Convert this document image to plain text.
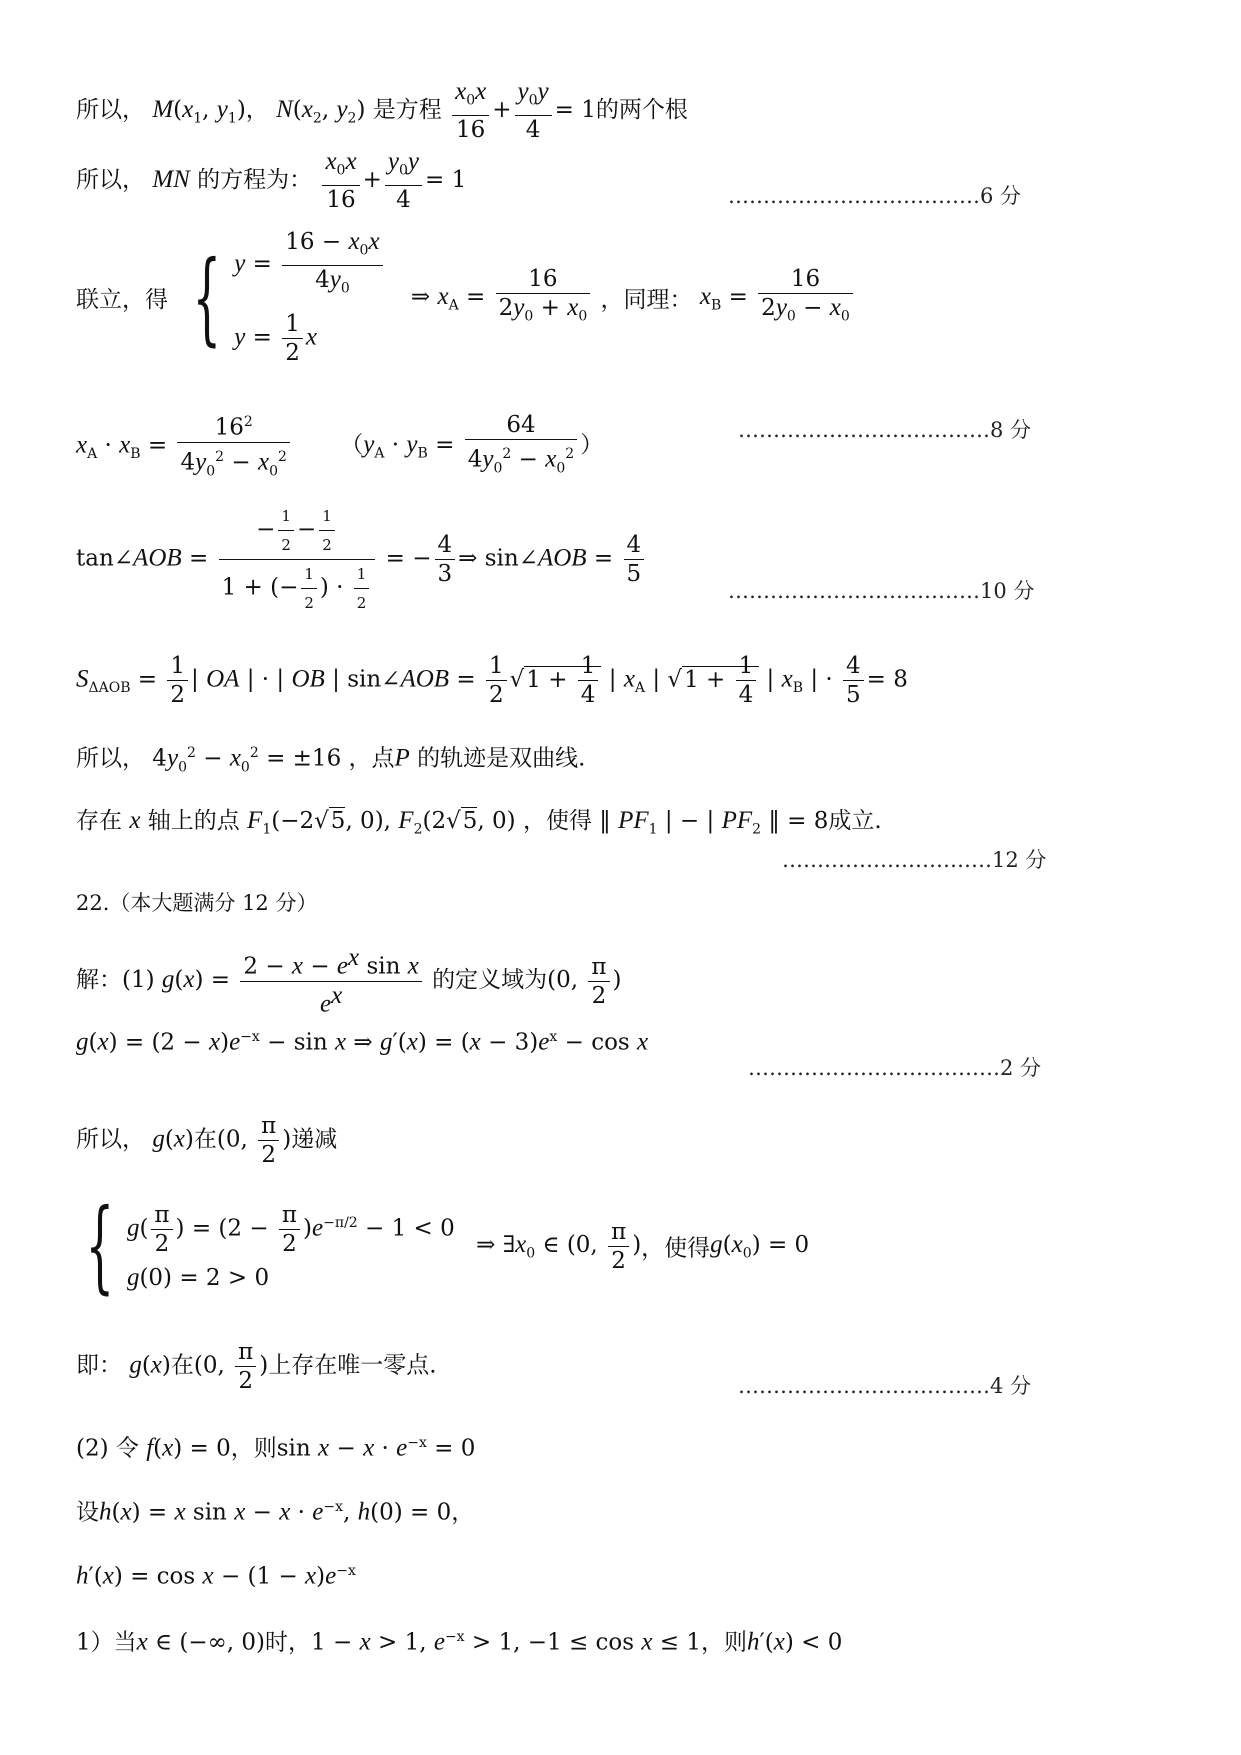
所以， $M(x_1$, $y_1$)， $N(x_2$, $y_2$) 是方程 $\frac{x_0x}{16} + \frac{y_0y}{4} = 1$的两个根
所以， MN 的方程为： $\frac{x_0x}{16} + \frac{y_0y}{4} = 1$
………………………………6 分
联立，得 { $y = \frac{16 - x_0x}{4y_0}$
$y = \frac{1}{2}$ x
⇒ $x_A = \frac{16}{2y_0 + x_0}$ ，同理： $x_B = \frac{16}{2y_0 - x_0}$
$x_A \cdot x_B = \frac{16^2}{4y_0^2 - x_0^2} (y_A \cdot y_B = \frac{64}{4y_0^2 - x_0^2}$ ）
………………………………8 分
tan∠AOB = $\frac{- \frac{1}{2} - \frac{1}{2}}{1 + (- \frac{1}{2} ) \cdot \frac{1}{2}}$ = − $\frac{4}{3}$ ⇒ sin∠AOB = $\frac{4}{5}$
………………………………10 分
$S_{\Delta AOB} = \frac{1}{2}$ | OA | · | OB | sin∠AOB = $\frac{1}{2} √1 + \frac{1}{4}$ | $x_A$ | $√1 + \frac{1}{4}$ | $x_B$ | · $\frac{4}{5} = 8$
所以， $4y_0^2 - x_0^2 = \pm 16$ ，点P 的轨迹是双曲线.
存在 x 轴上的点 $F_1(-2√5$, 0), $F_2(2√5$, 0) ，使得 ‖ $PF_1$ | − | $PF_2$ ‖ = 8成立.
…………………………12 分
22.（本大题满分 12 分）
解：(1) $g(x) = \frac{2 - x - e^x \sin x}{e^x}$ 的定义域为(0, $\frac{\pi}{2}$ )
$g(x) = (2 - x)e^{-x} - \sin x$ ⇒ $g'(x) = (x - 3)e^x - \cos x$
………………………………2 分
所以， g(x)在(0, $\frac{\pi}{2}$ )递减
{ $g( \frac{\pi}{2}$ ) = $(2 - \frac{\pi}{2} )e^{-\pi/2} - 1 < 0$
g(0) = 2 > 0
⇒ $\exists x_0$ ∈ (0, $\frac{\pi}{2}$ )，使得$g(x_0) = 0$
即： g(x)在(0, $\frac{\pi}{2}$ )上存在唯一零点.
………………………………4 分
(2) 令 f(x) = 0，则$\sin x - x \cdot e^{-x} = 0$
设h(x) = x $\sin x - x \cdot e^{-x}$, h(0) = 0，
$h'(x) = \cos x - (1 - x)e^{-x}$
1）当x ∈ (−∞, 0)时，1 − x > 1, $e^{-x} > 1$, −1 ≤ cos x ≤ 1，则h′(x) < 0
